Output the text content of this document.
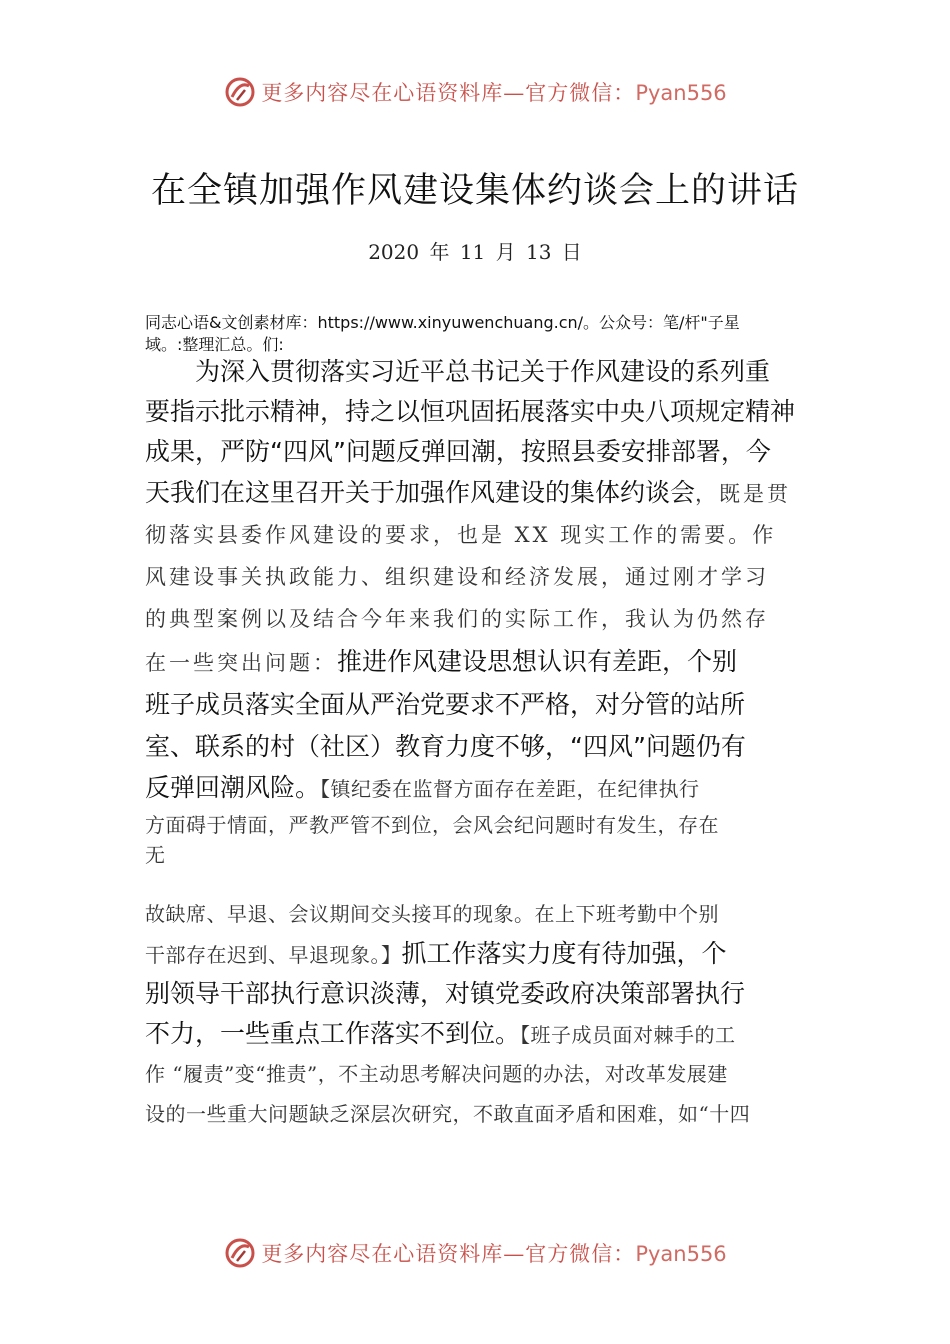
更多内容尽在心语资料库—官方微信：Pyan556
在全镇加强作风建设集体约谈会上的讲话
2020 年 11 月 13 日
同志心语&文创素材库：https://www.xinyuwenchuang.cn/。公众号：笔/杆"子星
域。:整理汇总。们:
为深入贯彻落实习近平总书记关于作风建设的系列重
要指示批示精神，持之以恒巩固拓展落实中央八项规定精神
成果，严防“四风”问题反弹回潮，按照县委安排部署，今
天我们在这里召开关于加强作风建设的集体约谈会，既是贯
彻落实县委作风建设的要求，也是 XX 现实工作的需要。作
风建设事关执政能力、组织建设和经济发展，通过刚才学习
的典型案例以及结合今年来我们的实际工作，我认为仍然存
在一些突出问题：推进作风建设思想认识有差距，个别
班子成员落实全面从严治党要求不严格，对分管的站所
室、联系的村（社区）教育力度不够，“四风”问题仍有
反弹回潮风险。【镇纪委在监督方面存在差距，在纪律执行
方面碍于情面，严教严管不到位，会风会纪问题时有发生，存在
无
故缺席、早退、会议期间交头接耳的现象。在上下班考勤中个别
干部存在迟到、早退现象。】抓工作落实力度有待加强，个
别领导干部执行意识淡薄，对镇党委政府决策部署执行
不力，一些重点工作落实不到位。【班子成员面对棘手的工
作 “履责”变“推责”，不主动思考解决问题的办法，对改革发展建
设的一些重大问题缺乏深层次研究，不敢直面矛盾和困难，如“十四
更多内容尽在心语资料库—官方微信：Pyan556
